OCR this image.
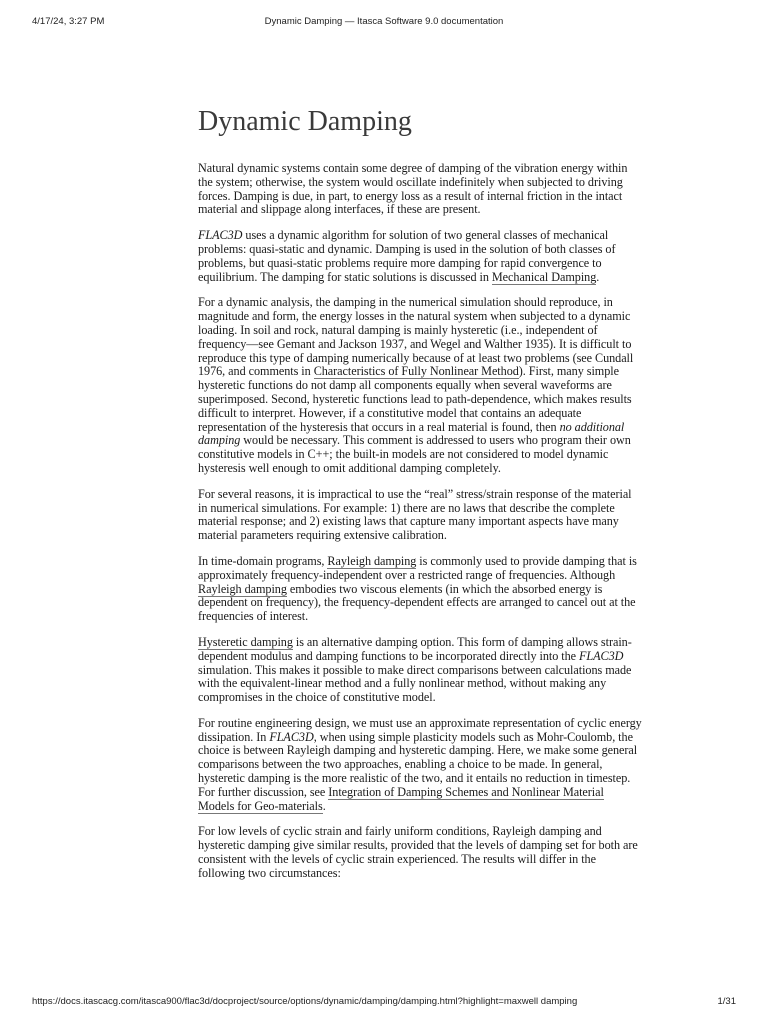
4/17/24, 3:27 PM	Dynamic Damping — Itasca Software 9.0 documentation
Dynamic Damping

Natural dynamic systems contain some degree of damping of the vibration energy within the system; otherwise, the system would oscillate indefinitely when subjected to driving forces. Damping is due, in part, to energy loss as a result of internal friction in the intact material and slippage along interfaces, if these are present.

FLAC3D uses a dynamic algorithm for solution of two general classes of mechanical problems: quasi-static and dynamic. Damping is used in the solution of both classes of problems, but quasi-static problems require more damping for rapid convergence to equilibrium. The damping for static solutions is discussed in Mechanical Damping.

For a dynamic analysis, the damping in the numerical simulation should reproduce, in magnitude and form, the energy losses in the natural system when subjected to a dynamic loading. In soil and rock, natural damping is mainly hysteretic (i.e., independent of frequency—see Gemant and Jackson 1937, and Wegel and Walther 1935). It is difficult to reproduce this type of damping numerically because of at least two problems (see Cundall 1976, and comments in Characteristics of Fully Nonlinear Method). First, many simple hysteretic functions do not damp all components equally when several waveforms are superimposed. Second, hysteretic functions lead to path-dependence, which makes results difficult to interpret. However, if a constitutive model that contains an adequate representation of the hysteresis that occurs in a real material is found, then no additional damping would be necessary. This comment is addressed to users who program their own constitutive models in C++; the built-in models are not considered to model dynamic hysteresis well enough to omit additional damping completely.

For several reasons, it is impractical to use the “real” stress/strain response of the material in numerical simulations. For example: 1) there are no laws that describe the complete material response; and 2) existing laws that capture many important aspects have many material parameters requiring extensive calibration.

In time-domain programs, Rayleigh damping is commonly used to provide damping that is approximately frequency-independent over a restricted range of frequencies. Although Rayleigh damping embodies two viscous elements (in which the absorbed energy is dependent on frequency), the frequency-dependent effects are arranged to cancel out at the frequencies of interest.

Hysteretic damping is an alternative damping option. This form of damping allows strain-dependent modulus and damping functions to be incorporated directly into the FLAC3D simulation. This makes it possible to make direct comparisons between calculations made with the equivalent-linear method and a fully nonlinear method, without making any compromises in the choice of constitutive model.

For routine engineering design, we must use an approximate representation of cyclic energy dissipation. In FLAC3D, when using simple plasticity models such as Mohr-Coulomb, the choice is between Rayleigh damping and hysteretic damping. Here, we make some general comparisons between the two approaches, enabling a choice to be made. In general, hysteretic damping is the more realistic of the two, and it entails no reduction in timestep. For further discussion, see Integration of Damping Schemes and Nonlinear Material Models for Geo-materials.

For low levels of cyclic strain and fairly uniform conditions, Rayleigh damping and hysteretic damping give similar results, provided that the levels of damping set for both are consistent with the levels of cyclic strain experienced. The results will differ in the following two circumstances:

https://docs.itascacg.com/itasca900/flac3d/docproject/source/options/dynamic/damping/damping.html?highlight=maxwell damping	1/31
